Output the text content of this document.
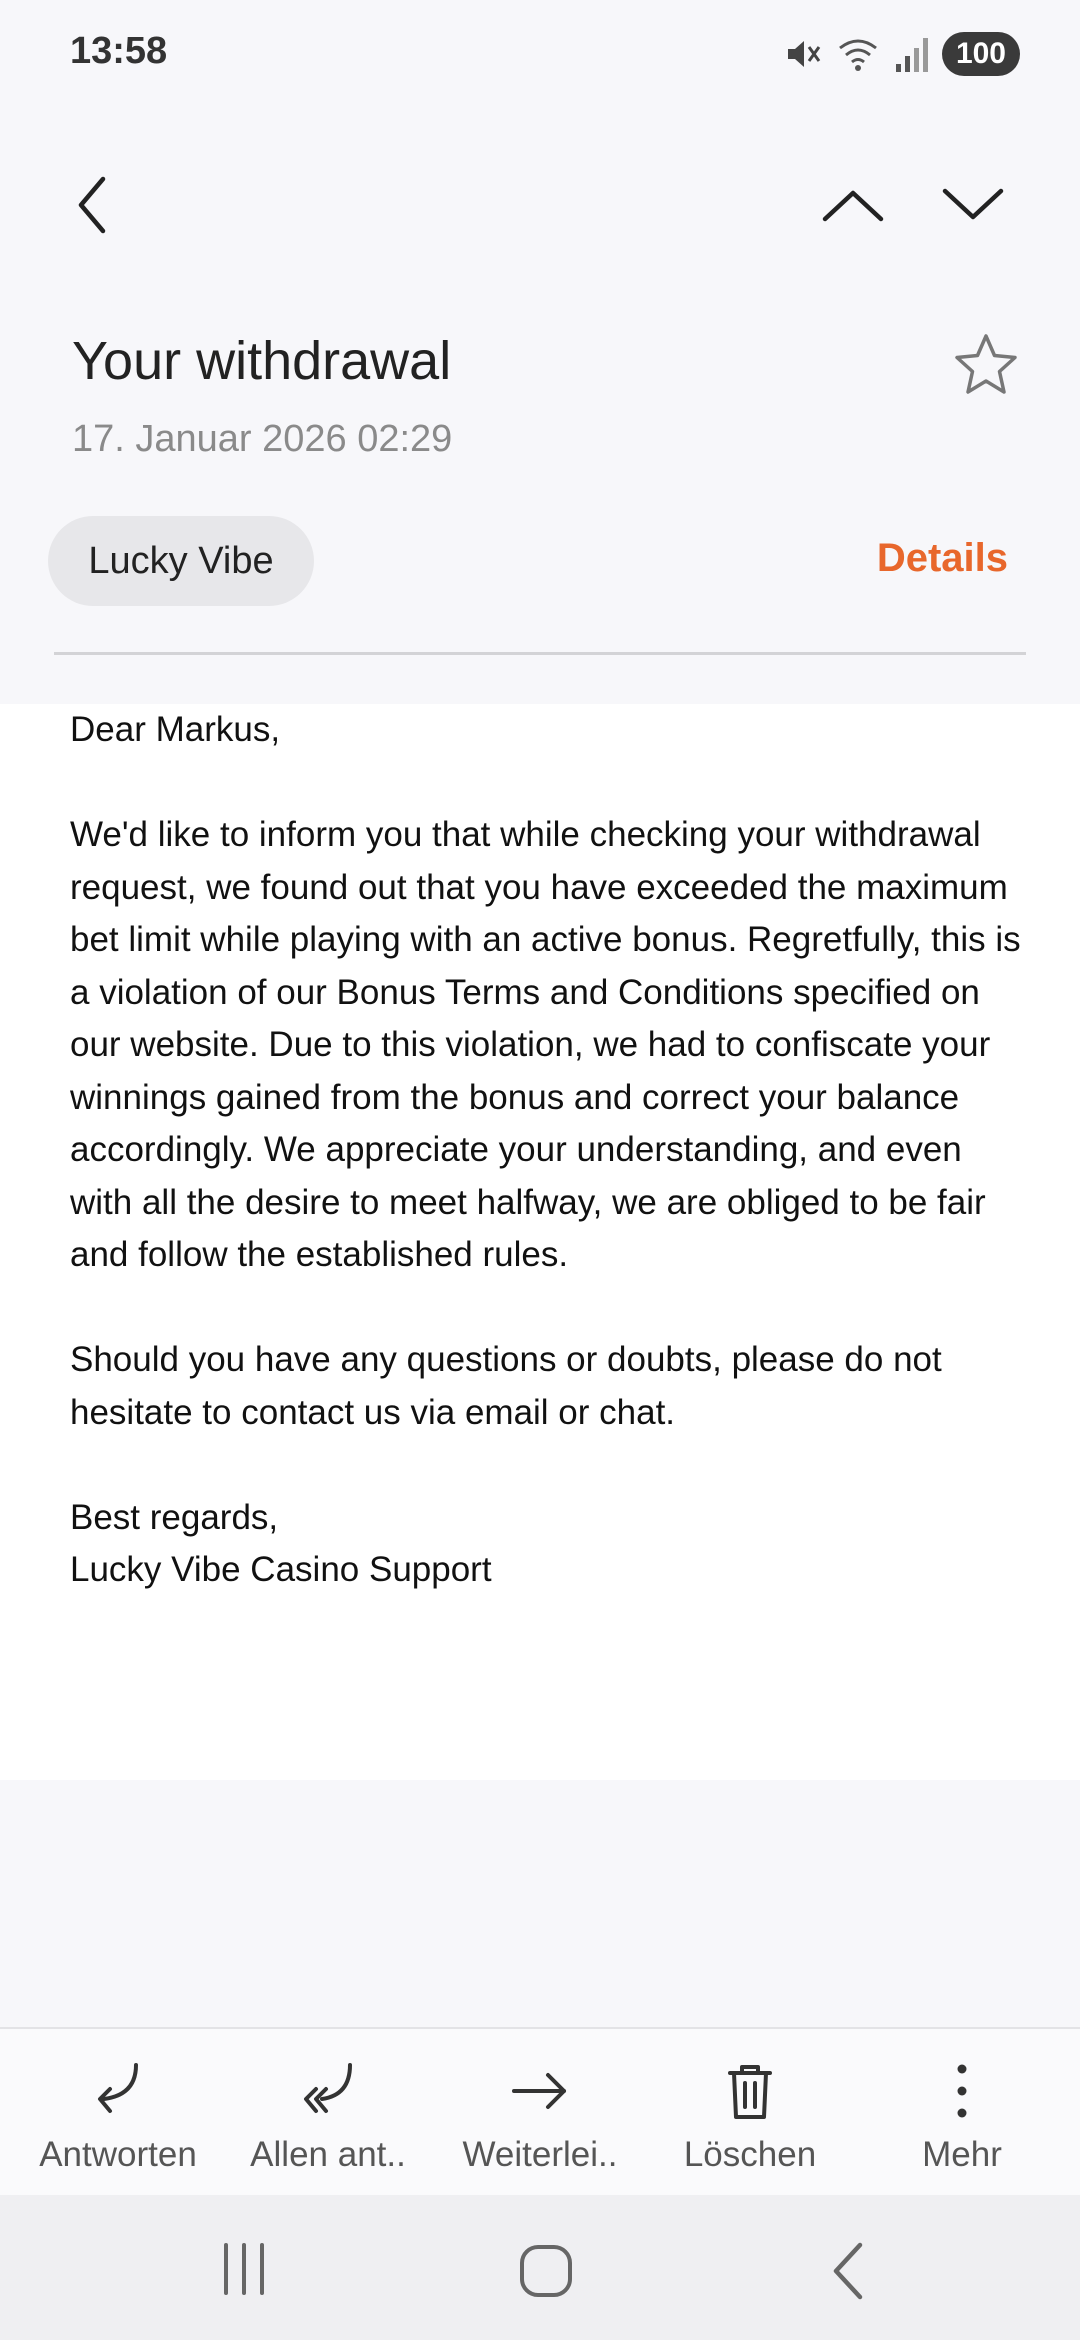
13:58	100
Your withdrawal
17. Januar 2026 02:29
Lucky Vibe	Details

Dear Markus,

We'd like to inform you that while checking your withdrawal request, we found out that you have exceeded the maximum bet limit while playing with an active bonus. Regretfully, this is a violation of our Bonus Terms and Conditions specified on our website. Due to this violation, we had to confiscate your winnings gained from the bonus and correct your balance accordingly. We appreciate your understanding, and even with all the desire to meet halfway, we are obliged to be fair and follow the established rules.

Should you have any questions or doubts, please do not hesitate to contact us via email or chat.

Best regards,

Lucky Vibe Casino Support

Antworten	Allen ant..	Weiterlei..	Löschen	Mehr
